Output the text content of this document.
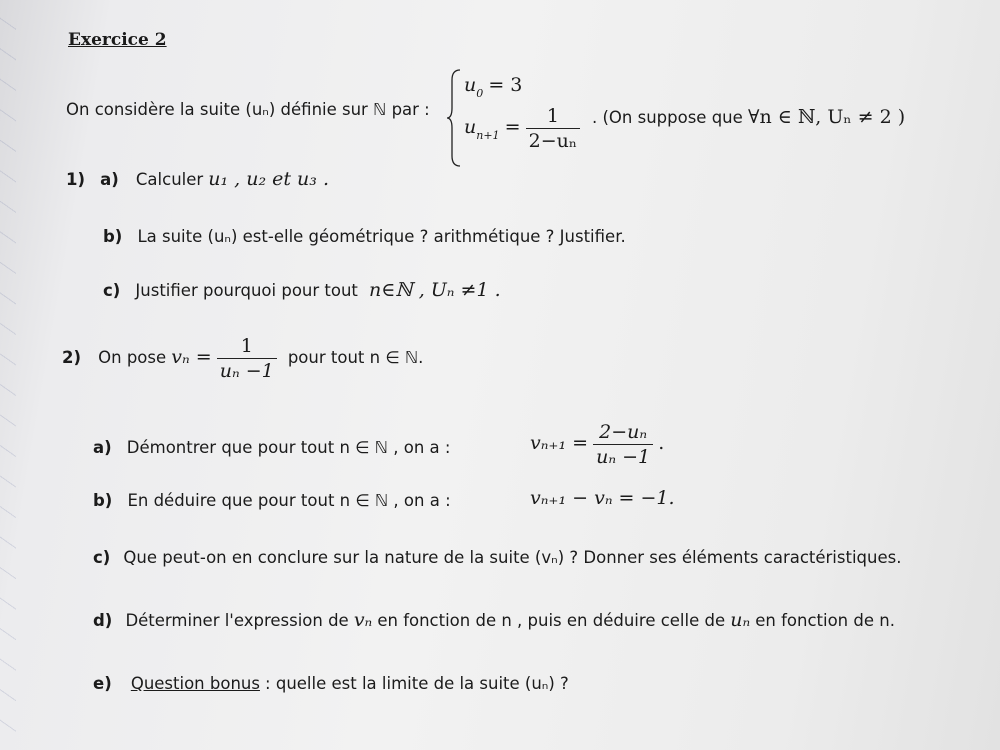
Exercice 2
On considère la suite (uₙ) définie sur ℕ par :
$u_0 = 3$
$u_{n+1} = \frac{1}{\text{2−uₙ}}$ . (On suppose que ∀n ∈ ℕ, Uₙ ≠ 2 )
1) a) Calculer u₁ , u₂ et u₃ .
b) La suite (uₙ) est-elle géométrique ? arithmétique ? Justifier.
c) Justifier pourquoi pour tout n∈ℕ , Uₙ ≠1 .
2) On pose $v_n = \frac{1}{\text{uₙ −1}}$ pour tout n ∈ ℕ.
a) Démontrer que pour tout n ∈ ℕ , on a :	$v_{n+1} = \frac{\text{2−uₙ}}{\text{uₙ −1}}$ .
b) En déduire que pour tout n ∈ ℕ , on a :	vₙ₊₁ − vₙ = −1.
c) Que peut-on en conclure sur la nature de la suite (vₙ) ? Donner ses éléments caractéristiques.
d) Déterminer l'expression de vₙ en fonction de n , puis en déduire celle de uₙ en fonction de n.
e) Question bonus : quelle est la limite de la suite (uₙ) ?
